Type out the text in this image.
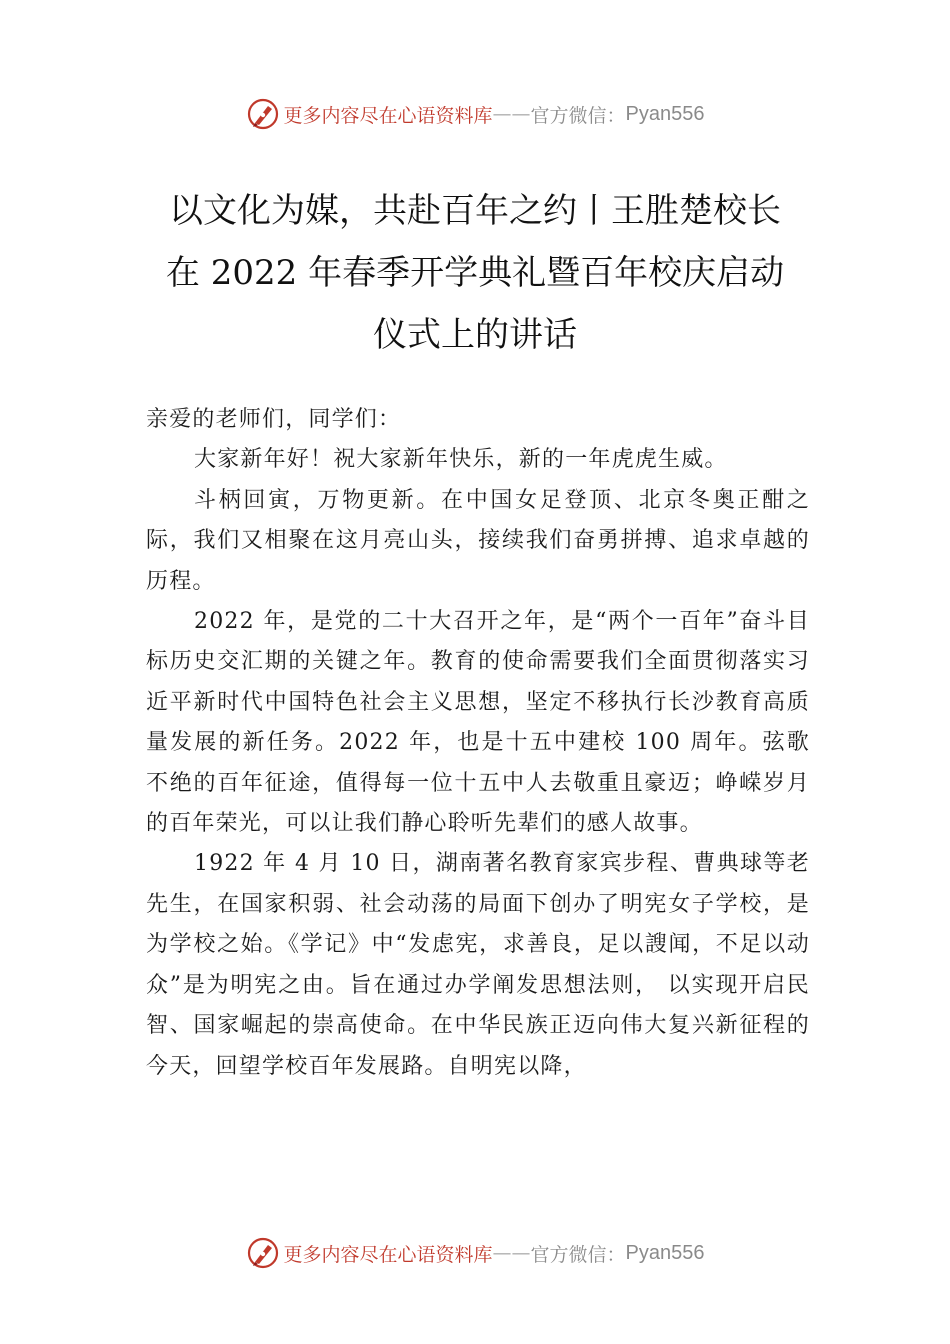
更多内容尽在心语资料库 —— 官方微信： Pyan556
以文化为媒，共赴百年之约丨王胜楚校长
在 2022 年春季开学典礼暨百年校庆启动
仪式上的讲话

亲爱的老师们，同学们：

大家新年好！祝大家新年快乐，新的一年虎虎生威。

斗柄回寅，万物更新。在中国女足登顶、北京冬奥正酣之际，我们又相聚在这月亮山头，接续我们奋勇拼搏、追求卓越的历程。

2022 年，是党的二十大召开之年，是“两个一百年”奋斗目标历史交汇期的关键之年。教育的使命需要我们全面贯彻落实习近平新时代中国特色社会主义思想，坚定不移执行长沙教育高质量发展的新任务。2022 年，也是十五中建校 100 周年。弦歌不绝的百年征途，值得每一位十五中人去敬重且豪迈；峥嵘岁月的百年荣光，可以让我们静心聆听先辈们的感人故事。

1922 年 4 月 10 日，湖南著名教育家宾步程、曹典球等老先生，在国家积弱、社会动荡的局面下创办了明宪女子学校，是为学校之始。《学记》中“发虑宪，求善良，足以謏闻，不足以动众”是为明宪之由。旨在通过办学阐发思想法则， 以实现开启民智、国家崛起的崇高使命。在中华民族正迈向伟大复兴新征程的今天，回望学校百年发展路。自明宪以降，

更多内容尽在心语资料库 —— 官方微信： Pyan556
